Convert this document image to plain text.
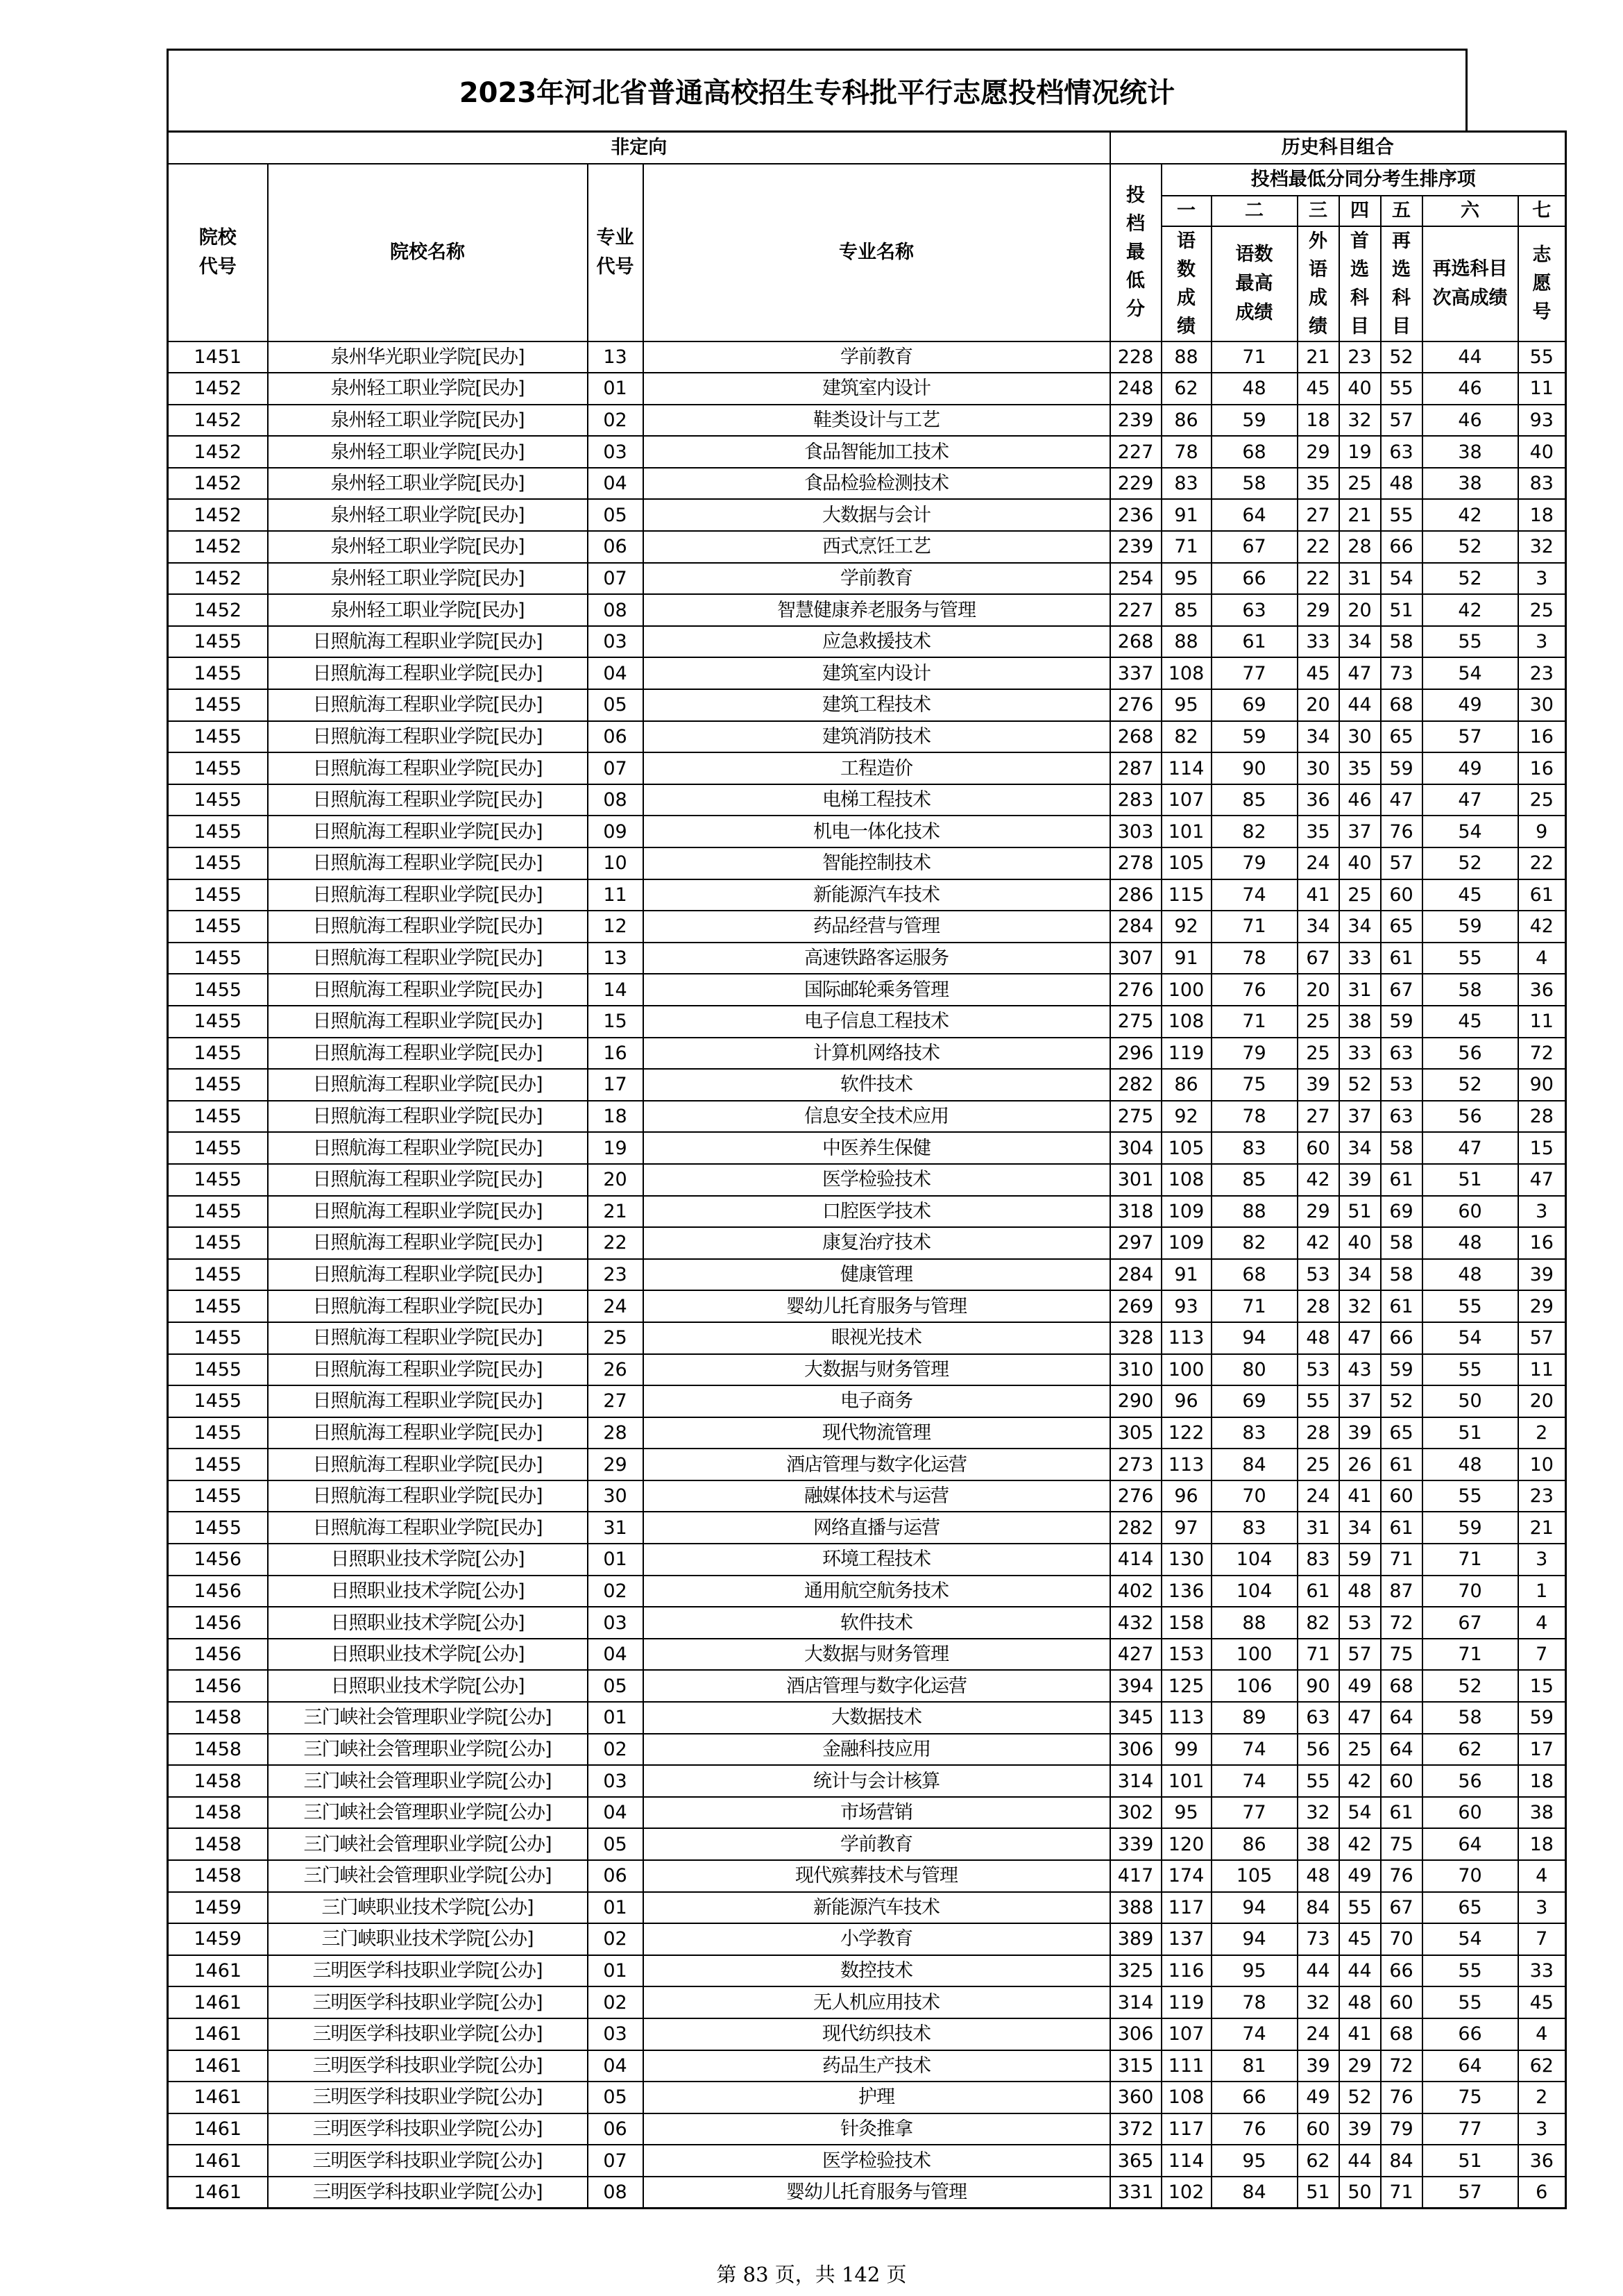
2023年河北省普通高校招生专科批平行志愿投档情况统计
非定向				历史科目组合							
院校代号	院校名称	专业代号	专业名称	投档最低分	投档最低分同分考生排序项						
					一	二	三	四	五	六	七
					语数成绩	语数最高成绩	外语成绩	首选科目	再选科目	再选科目次高成绩	志愿号
1451	泉州华光职业学院[民办]	13	学前教育	228	88	71	21	23	52	44	55
1452	泉州轻工职业学院[民办]	01	建筑室内设计	248	62	48	45	40	55	46	11
1452	泉州轻工职业学院[民办]	02	鞋类设计与工艺	239	86	59	18	32	57	46	93
1452	泉州轻工职业学院[民办]	03	食品智能加工技术	227	78	68	29	19	63	38	40
1452	泉州轻工职业学院[民办]	04	食品检验检测技术	229	83	58	35	25	48	38	83
1452	泉州轻工职业学院[民办]	05	大数据与会计	236	91	64	27	21	55	42	18
1452	泉州轻工职业学院[民办]	06	西式烹饪工艺	239	71	67	22	28	66	52	32
1452	泉州轻工职业学院[民办]	07	学前教育	254	95	66	22	31	54	52	3
1452	泉州轻工职业学院[民办]	08	智慧健康养老服务与管理	227	85	63	29	20	51	42	25
1455	日照航海工程职业学院[民办]	03	应急救援技术	268	88	61	33	34	58	55	3
1455	日照航海工程职业学院[民办]	04	建筑室内设计	337	108	77	45	47	73	54	23
1455	日照航海工程职业学院[民办]	05	建筑工程技术	276	95	69	20	44	68	49	30
1455	日照航海工程职业学院[民办]	06	建筑消防技术	268	82	59	34	30	65	57	16
1455	日照航海工程职业学院[民办]	07	工程造价	287	114	90	30	35	59	49	16
1455	日照航海工程职业学院[民办]	08	电梯工程技术	283	107	85	36	46	47	47	25
1455	日照航海工程职业学院[民办]	09	机电一体化技术	303	101	82	35	37	76	54	9
1455	日照航海工程职业学院[民办]	10	智能控制技术	278	105	79	24	40	57	52	22
1455	日照航海工程职业学院[民办]	11	新能源汽车技术	286	115	74	41	25	60	45	61
1455	日照航海工程职业学院[民办]	12	药品经营与管理	284	92	71	34	34	65	59	42
1455	日照航海工程职业学院[民办]	13	高速铁路客运服务	307	91	78	67	33	61	55	4
1455	日照航海工程职业学院[民办]	14	国际邮轮乘务管理	276	100	76	20	31	67	58	36
1455	日照航海工程职业学院[民办]	15	电子信息工程技术	275	108	71	25	38	59	45	11
1455	日照航海工程职业学院[民办]	16	计算机网络技术	296	119	79	25	33	63	56	72
1455	日照航海工程职业学院[民办]	17	软件技术	282	86	75	39	52	53	52	90
1455	日照航海工程职业学院[民办]	18	信息安全技术应用	275	92	78	27	37	63	56	28
1455	日照航海工程职业学院[民办]	19	中医养生保健	304	105	83	60	34	58	47	15
1455	日照航海工程职业学院[民办]	20	医学检验技术	301	108	85	42	39	61	51	47
1455	日照航海工程职业学院[民办]	21	口腔医学技术	318	109	88	29	51	69	60	3
1455	日照航海工程职业学院[民办]	22	康复治疗技术	297	109	82	42	40	58	48	16
1455	日照航海工程职业学院[民办]	23	健康管理	284	91	68	53	34	58	48	39
1455	日照航海工程职业学院[民办]	24	婴幼儿托育服务与管理	269	93	71	28	32	61	55	29
1455	日照航海工程职业学院[民办]	25	眼视光技术	328	113	94	48	47	66	54	57
1455	日照航海工程职业学院[民办]	26	大数据与财务管理	310	100	80	53	43	59	55	11
1455	日照航海工程职业学院[民办]	27	电子商务	290	96	69	55	37	52	50	20
1455	日照航海工程职业学院[民办]	28	现代物流管理	305	122	83	28	39	65	51	2
1455	日照航海工程职业学院[民办]	29	酒店管理与数字化运营	273	113	84	25	26	61	48	10
1455	日照航海工程职业学院[民办]	30	融媒体技术与运营	276	96	70	24	41	60	55	23
1455	日照航海工程职业学院[民办]	31	网络直播与运营	282	97	83	31	34	61	59	21
1456	日照职业技术学院[公办]	01	环境工程技术	414	130	104	83	59	71	71	3
1456	日照职业技术学院[公办]	02	通用航空航务技术	402	136	104	61	48	87	70	1
1456	日照职业技术学院[公办]	03	软件技术	432	158	88	82	53	72	67	4
1456	日照职业技术学院[公办]	04	大数据与财务管理	427	153	100	71	57	75	71	7
1456	日照职业技术学院[公办]	05	酒店管理与数字化运营	394	125	106	90	49	68	52	15
1458	三门峡社会管理职业学院[公办]	01	大数据技术	345	113	89	63	47	64	58	59
1458	三门峡社会管理职业学院[公办]	02	金融科技应用	306	99	74	56	25	64	62	17
1458	三门峡社会管理职业学院[公办]	03	统计与会计核算	314	101	74	55	42	60	56	18
1458	三门峡社会管理职业学院[公办]	04	市场营销	302	95	77	32	54	61	60	38
1458	三门峡社会管理职业学院[公办]	05	学前教育	339	120	86	38	42	75	64	18
1458	三门峡社会管理职业学院[公办]	06	现代殡葬技术与管理	417	174	105	48	49	76	70	4
1459	三门峡职业技术学院[公办]	01	新能源汽车技术	388	117	94	84	55	67	65	3
1459	三门峡职业技术学院[公办]	02	小学教育	389	137	94	73	45	70	54	7
1461	三明医学科技职业学院[公办]	01	数控技术	325	116	95	44	44	66	55	33
1461	三明医学科技职业学院[公办]	02	无人机应用技术	314	119	78	32	48	60	55	45
1461	三明医学科技职业学院[公办]	03	现代纺织技术	306	107	74	24	41	68	66	4
1461	三明医学科技职业学院[公办]	04	药品生产技术	315	111	81	39	29	72	64	62
1461	三明医学科技职业学院[公办]	05	护理	360	108	66	49	52	76	75	2
1461	三明医学科技职业学院[公办]	06	针灸推拿	372	117	76	60	39	79	77	3
1461	三明医学科技职业学院[公办]	07	医学检验技术	365	114	95	62	44	84	51	36
1461	三明医学科技职业学院[公办]	08	婴幼儿托育服务与管理	331	102	84	51	50	71	57	6
第 83 页，共 142 页
